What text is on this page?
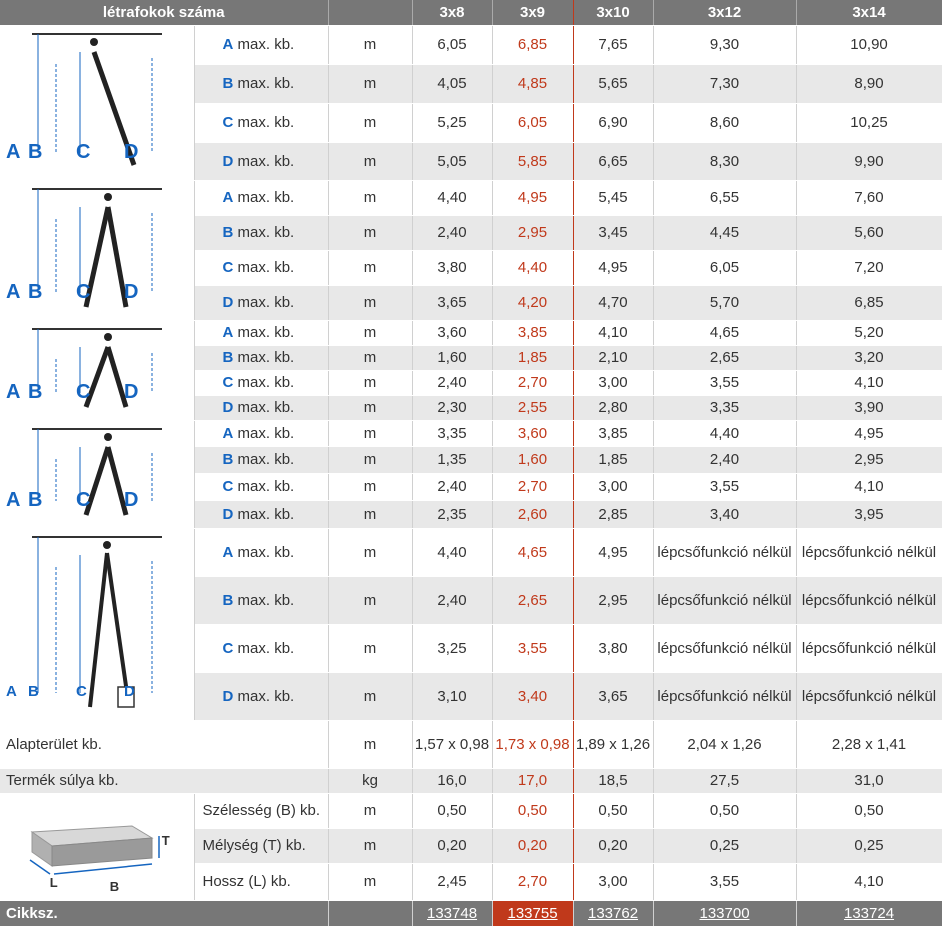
létrafokok száma			3x8	3x9	3x10	3x12	3x14

A B C D	A max. kb.	m	6,05	6,85	7,65	9,30	10,90
	B max. kb.	m	4,05	4,85	5,65	7,30	8,90
	C max. kb.	m	5,25	6,05	6,90	8,60	10,25
	D max. kb.	m	5,05	5,85	6,65	8,30	9,90

A B C D	A max. kb.	m	4,40	4,95	5,45	6,55	7,60
	B max. kb.	m	2,40	2,95	3,45	4,45	5,60
	C max. kb.	m	3,80	4,40	4,95	6,05	7,20
	D max. kb.	m	3,65	4,20	4,70	5,70	6,85

A B C D	A max. kb.	m	3,60	3,85	4,10	4,65	5,20
	B max. kb.	m	1,60	1,85	2,10	2,65	3,20
	C max. kb.	m	2,40	2,70	3,00	3,55	4,10
	D max. kb.	m	2,30	2,55	2,80	3,35	3,90

A B C D	A max. kb.	m	3,35	3,60	3,85	4,40	4,95
	B max. kb.	m	1,35	1,60	1,85	2,40	2,95
	C max. kb.	m	2,40	2,70	3,00	3,55	4,10
	D max. kb.	m	2,35	2,60	2,85	3,40	3,95

A B C D	A max. kb.	m	4,40	4,65	4,95	lépcsőfunkció nélkül	lépcsőfunkció nélkül
	B max. kb.	m	2,40	2,65	2,95	lépcsőfunkció nélkül	lépcsőfunkció nélkül
	C max. kb.	m	3,25	3,55	3,80	lépcsőfunkció nélkül	lépcsőfunkció nélkül
	D max. kb.	m	3,10	3,40	3,65	lépcsőfunkció nélkül	lépcsőfunkció nélkül
Alapterület kb.		m	1,57 x 0,98	1,73 x 0,98	1,89 x 1,26	2,04 x 1,26	2,28 x 1,41
Termék súlya kb.		kg	16,0	17,0	18,5	27,5	31,0

T
L B	Szélesség (B) kb.	m	0,50	0,50	0,50	0,50	0,50
	Mélység (T) kb.	m	0,20	0,20	0,20	0,25	0,25
	Hossz (L) kb.	m	2,45	2,70	3,00	3,55	4,10
Cikksz.			133748	133755	133762	133700	133724
